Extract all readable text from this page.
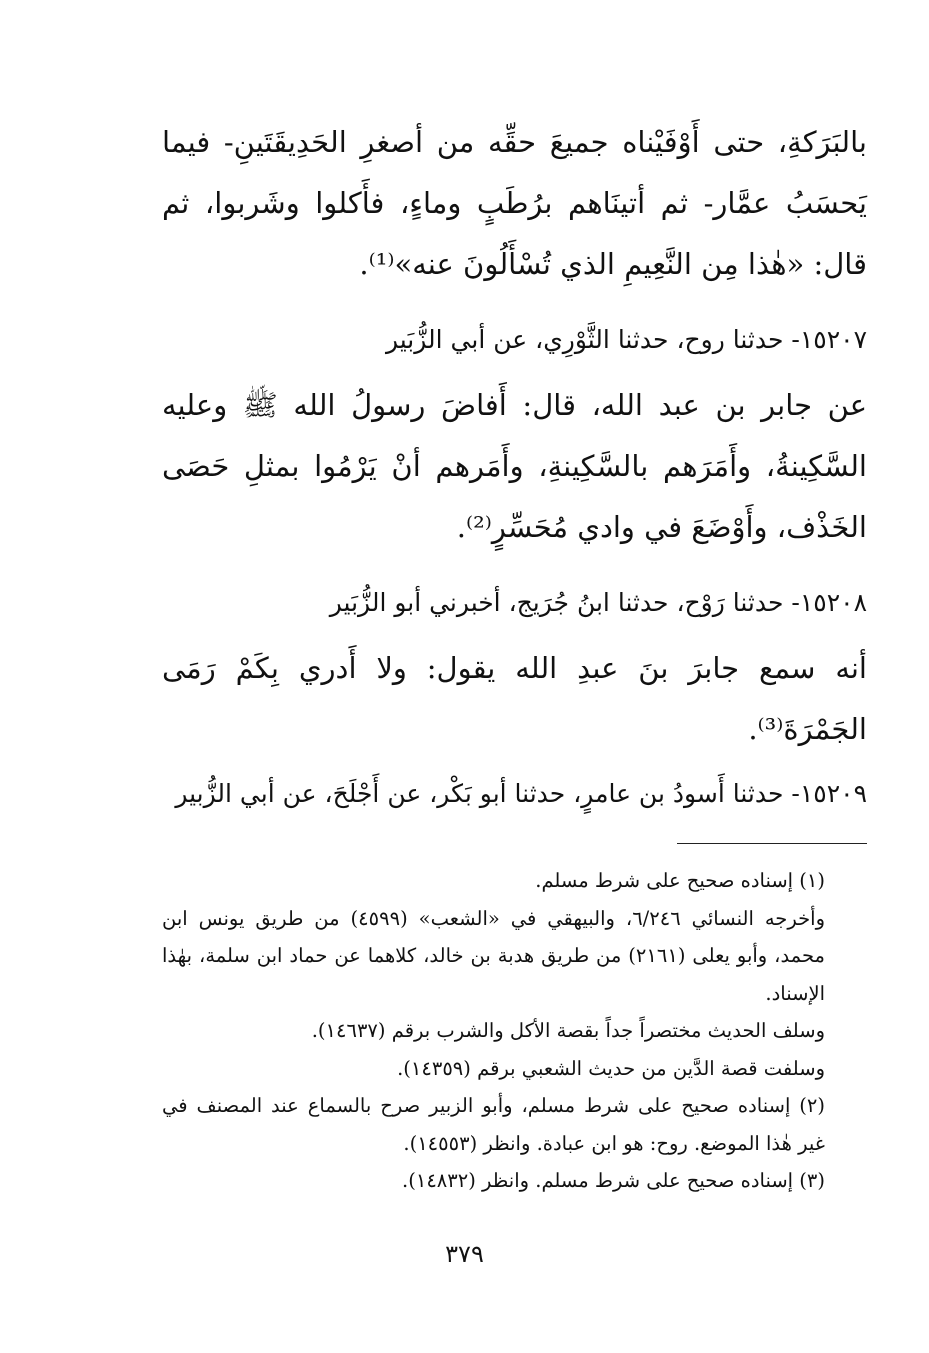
بالبَرَكةِ، حتى أَوْفَيْناه جميعَ حقِّه من أصغرِ الحَدِيقَتَينِ- فيما يَحسَبُ عمَّار- ثم أتينَاهم برُطَبٍ وماءٍ، فأَكلوا وشَربوا، ثم قال: «هٰذا مِن النَّعِيمِ الذي تُسْأَلُونَ عنه»⁽¹⁾.

١٥٢٠٧- حدثنا روح، حدثنا الثَّوْرِي، عن أبي الزُّبَير

عن جابر بن عبد الله، قال: أَفاضَ رسولُ الله ﷺ وعليه السَّكِينةُ، وأَمَرَهم بالسَّكِينةِ، وأَمَرهم أنْ يَرْمُوا بمثلِ حَصَى الخَذْف، وأَوْضَعَ في وادي مُحَسِّرٍ⁽²⁾.

١٥٢٠٨- حدثنا رَوْح، حدثنا ابنُ جُرَيج، أخبرني أبو الزُّبَير

أنه سمع جابرَ بنَ عبدِ الله يقول: ولا أَدري بِكَمْ رَمَى الجَمْرَةَ⁽³⁾.

١٥٢٠٩- حدثنا أَسودُ بن عامرٍ، حدثنا أبو بَكْر، عن أَجْلَحَ، عن أبي الزُّبير

(١) إسناده صحيح على شرط مسلم.

وأخرجه النسائي ٦/٢٤٦، والبيهقي في «الشعب» (٤٥٩٩) من طريق يونس ابن محمد، وأبو يعلى (٢١٦١) من طريق هدبة بن خالد، كلاهما عن حماد ابن سلمة، بهٰذا الإسناد.

وسلف الحديث مختصراً جداً بقصة الأكل والشرب برقم (١٤٦٣٧).

وسلفت قصة الدَّين من حديث الشعبي برقم (١٤٣٥٩).

(٢) إسناده صحيح على شرط مسلم، وأبو الزبير صرح بالسماع عند المصنف في غير هٰذا الموضع. روح: هو ابن عبادة. وانظر (١٤٥٥٣).

(٣) إسناده صحيح على شرط مسلم. وانظر (١٤٨٣٢).

٣٧٩
